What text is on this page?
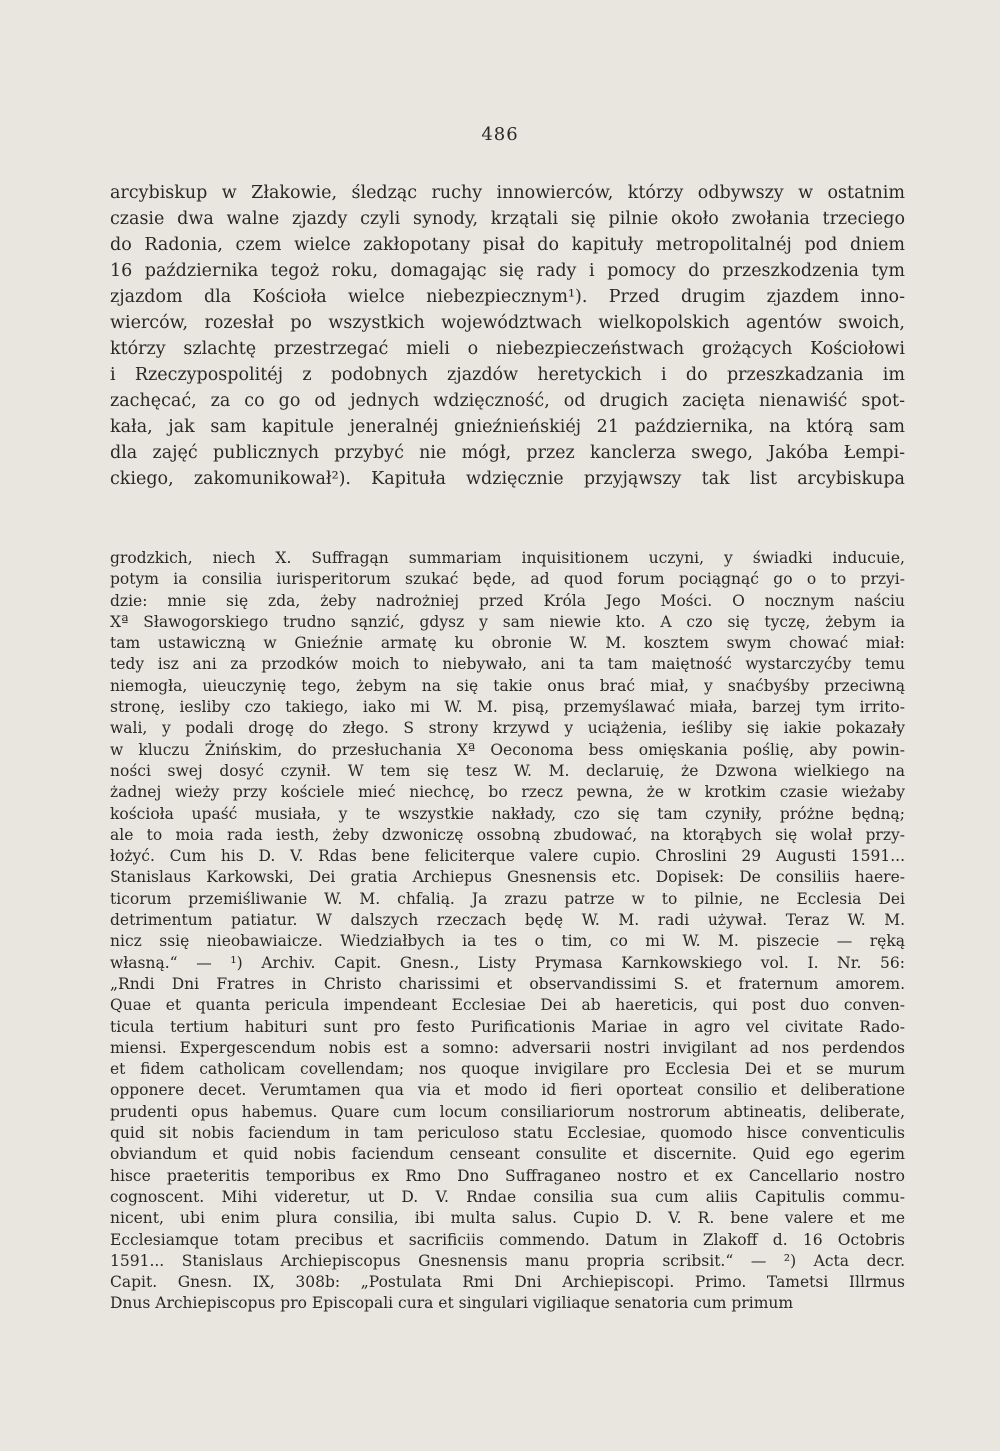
486
arcybiskup w Złakowie, śledząc ruchy innowierców, którzy odbywszy w ostatnim
czasie dwa walne zjazdy czyli synody, krzątali się pilnie około zwołania trzeciego
do Radonia, czem wielce zakłopotany pisał do kapituły metropolitalnéj pod dniem
16 października tegoż roku, domagając się rady i pomocy do przeszkodzenia tym
zjazdom dla Kościoła wielce niebezpiecznym¹). Przed drugim zjazdem inno-
wierców, rozesłał po wszystkich województwach wielkopolskich agentów swoich,
którzy szlachtę przestrzegać mieli o niebezpieczeństwach grożących Kościołowi
i Rzeczypospolitéj z podobnych zjazdów heretyckich i do przeszkadzania im
zachęcać, za co go od jednych wdzięczność, od drugich zacięta nienawiść spot-
kała, jak sam kapitule jeneralnéj gnieźnieńskiéj 21 października, na którą sam
dla zajęć publicznych przybyć nie mógł, przez kanclerza swego, Jakóba Łempi-
ckiego, zakomunikował²). Kapituła wdzięcznie przyjąwszy tak list arcybiskupa
grodzkich, niech X. Suffragąn summariam inquisitionem uczyni, y świadki inducuie,
potym ia consilia iurisperitorum szukać będe, ad quod forum pociągnąć go o to przyi-
dzie: mnie się zda, żeby nadrożniej przed Króla Jego Mości. O nocznym naściu
Xª Sławogorskiego trudno sąnzić, gdysz y sam niewie kto. A czo się tyczę, żebym ia
tam ustawiczną w Gnieźnie armatę ku obronie W. M. kosztem swym chować miał:
tedy isz ani za przodków moich to niebywało, ani ta tam maiętność wystarczyćby temu
niemogła, uieuczynię tego, żebym na się takie onus brać miał, y snaćbyśby przeciwną
stronę, iesliby czo takiego, iako mi W. M. pisą, przemyślawać miała, barzej tym irrito-
wali, y podali drogę do złego. S strony krzywd y uciążenia, ieśliby się iakie pokazały
w kluczu Żnińskim, do przesłuchania Xª Oeconoma bess omięskania poślię, aby powin-
ności swej dosyć czynił. W tem się tesz W. M. declaruię, że Dzwona wielkiego na
żadnej wieży przy kościele mieć niechcę, bo rzecz pewna, że w krotkim czasie wieżaby
kościoła upaść musiała, y te wszystkie nakłady, czo się tam czyniły, próżne będną;
ale to moia rada iesth, żeby dzwoniczę ossobną zbudować, na ktorąbych się wolał przy-
łożyć. Cum his D. V. Rdas bene feliciterque valere cupio. Chroslini 29 Augusti 1591...
Stanislaus Karkowski, Dei gratia Archiepus Gnesnensis etc. Dopisek: De consiliis haere-
ticorum przemiśliwanie W. M. chfalią. Ja zrazu patrze w to pilnie, ne Ecclesia Dei
detrimentum patiatur. W dalszych rzeczach będę W. M. radi używał. Teraz W. M.
nicz ssię nieobawiaicze. Wiedziałbych ia tes o tim, co mi W. M. piszecie — ręką
własną.“ — ¹) Archiv. Capit. Gnesn., Listy Prymasa Karnkowskiego vol. I. Nr. 56:
„Rndi Dni Fratres in Christo charissimi et observandissimi S. et fraternum amorem.
Quae et quanta pericula impendeant Ecclesiae Dei ab haereticis, qui post duo conven-
ticula tertium habituri sunt pro festo Purificationis Mariae in agro vel civitate Rado-
miensi. Expergescendum nobis est a somno: adversarii nostri invigilant ad nos perdendos
et fidem catholicam covellendam; nos quoque invigilare pro Ecclesia Dei et se murum
opponere decet. Verumtamen qua via et modo id fieri oporteat consilio et deliberatione
prudenti opus habemus. Quare cum locum consiliariorum nostrorum abtineatis, deliberate,
quid sit nobis faciendum in tam periculoso statu Ecclesiae, quomodo hisce conventiculis
obviandum et quid nobis faciendum censeant consulite et discernite. Quid ego egerim
hisce praeteritis temporibus ex Rmo Dno Suffraganeo nostro et ex Cancellario nostro
cognoscent. Mihi videretur, ut D. V. Rndae consilia sua cum aliis Capitulis commu-
nicent, ubi enim plura consilia, ibi multa salus. Cupio D. V. R. bene valere et me
Ecclesiamque totam precibus et sacrificiis commendo. Datum in Zlakoff d. 16 Octobris
1591... Stanislaus Archiepiscopus Gnesnensis manu propria scribsit.“ — ²) Acta decr.
Capit. Gnesn. IX, 308b: „Postulata Rmi Dni Archiepiscopi. Primo. Tametsi Illrmus
Dnus Archiepiscopus pro Episcopali cura et singulari vigiliaque senatoria cum primum
